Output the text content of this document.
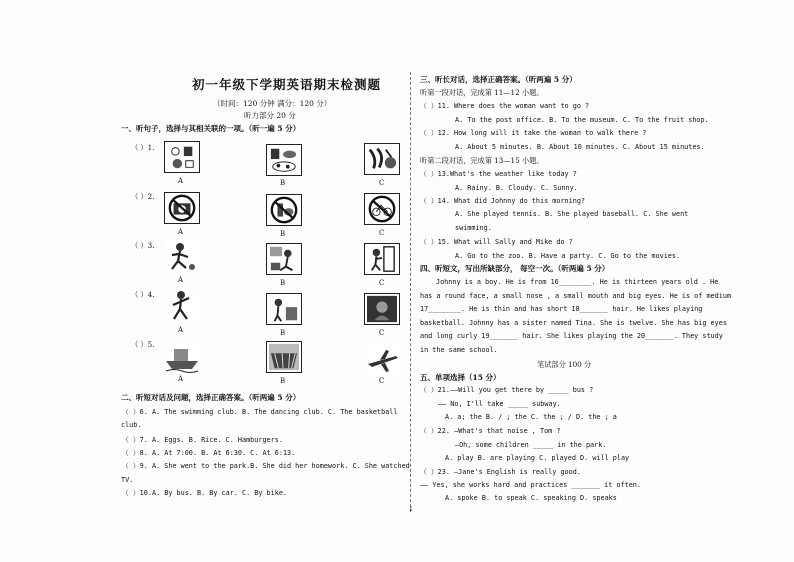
初一年级下学期英语期末检测题
（时间：120 分钟 满分：120 分）
听力部分 20 分
一、听句子，选择与其相关联的一项。（听一遍 5 分）
（ ）1.
A	B	C
（ ）2.
A	B	C
（ ）3.
A	B	C
（ ）4.
A	B	C
（ ）5.
A	B	C
二、听短对话及问题，选择正确答案。（听两遍 5 分）
（ ）6. A. The swimming club. B. The dancing club. C. The basketball
club.
（ ）7. A. Eggs. B. Rice. C. Hamburgers.
（ ）8. A. At 7:00. B. At 6:30. C. At 6:13.
（ ）9. A. She went to the park.B. She did her homework. C. She watched
TV.
（ ）10.A. By bus. B. By car. C. By bike.
三、听长对话，选择正确答案。（听两遍 5 分）
听第一段对话，完成第 11—12 小题。
（ ）11. Where does the woman want to go ?
A. To the post office. B. To the museum. C. To the fruit shop.
（ ）12. How long will it take the woman to walk there ?
A. About 5 minutes. B. About 10 minutes. C. About 15 minutes.
听第二段对话，完成第 13—15 小题。
（ ）13.What's the weather like today ?
A. Rainy. B. Cloudy. C. Sunny.
（ ）14. What did Johnny do this morning?
A. She played tennis. B. She played baseball. C. She went
swimming.
（ ）15. What will Sally and Mike do ?
A. Go to the zoo. B. Have a party. C. Go to the movies.
四、听短文，写出所缺部分， 每空一次。（听两遍 5 分）
Johnny is a boy. He is from 16________. He is thirteen years old . He
has a round face, a small nose , a small mouth and big eyes. He is of medium
17________. He is thin and has short 18_______ hair. He likes playing
basketball. Johnny has a sister named Tina. She is twelve. She has big eyes
and long curly 19_______ hair. She likes playing the 20_______. They study
in the same school.
笔试部分 100 分
五、单项选择（15 分）
（ ）21.——Will you get there by _____ bus ?
—— No, I'll take _____ subway.
A. a; the B. / ; the C. the ; / D. the ; a
（ ）22. —What's that noise , Tom ?
—Oh, some children _____ in the park.
A. play B. are playing C. played D. will play
（ ）23. —Jane's English is really good.
—— Yes, she works hard and practices _______ it often.
A. spoke B. to speak C. speaking D. speaks
1
